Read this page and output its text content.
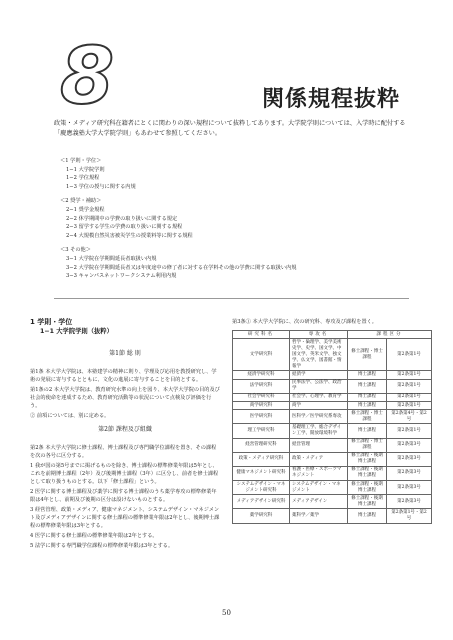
8	関係規程抜粋
政策・メディア研究科在籍者にとくに関わりの深い規程について抜粋してあります。大学院学則については、入学時に配付する「慶應義塾大学大学院学則」もあわせて参照してください。
＜1 学則・学位＞
1−1 大学院学則
1−2 学位規程
1−3 学位の授与に関する内規
＜2 奨学・補助＞
2−1 奨学金規程
2−2 休学期間中の学費の取り扱いに関する規定
2−3 留学する学生の学費の取り扱いに関する規程
2−4 大規模自然災害被災学生の授業料等に関する規程
＜3 その他＞
3−1 大学院在学期間延長者取扱い内規
3−2 大学院在学期間延長者又は年度途中の修了者に対する在学料その他の学費に関する取扱い内規
3−3 キャンパスネットワークシステム利用内規
1 学則・学位
1−1 大学院学則（抜粋）
第1節 総 則
第1条 本大学大学院は、本塾建学の精神に則り、学理及び応用を教授研究し、学術の発展に寄与するとともに、文化の進展に寄与することを目的とする。
第1条の2 本大学大学院は、教育研究水準の向上を図り、本大学大学院の目的及び社会的使命を達成するため、教育研究活動等の状況について点検及び評価を行う。
② 前項については、別に定める。
第2節 課程及び組織
第2条 本大学大学院に修士課程、博士課程及び専門職学位課程を置き、その課程を次の各号に区分する。
1 我が国の第5号までに掲げるものを除き、博士課程の標準修業年限は5年とし、これを前期博士課程（2年）及び後期博士課程（3年）に区分し、前者を修士課程として取り扱うものとする。以下「修士課程」という。
2 医学に関する博士課程及び薬学に関する博士課程のうち薬学専攻の標準修業年限は4年とし、前期及び後期の区分は設けないものとする。
3 経営管理、政策・メディア、健康マネジメント、システムデザイン・マネジメント及びメディアデザインに関する修士課程の標準修業年限は2年とし、後期博士課程の標準修業年限は3年とする。
4 医学に関する修士課程の標準修業年限は2年とする。
5 法学に関する専門職学位課程の標準修業年限は3年とする。
第3条① 本大学大学院に、次の研究科、専攻及び課程を置く。
研究科名	専攻名	課程区分	
文学研究科	哲学・倫理学、美学美術史学、史学、国文学、中国文学、英米文学、独文学、仏文学、図書館・情報学	修士課程・博士課程	第2条第1号
経済学研究科	経済学	博士課程	第2条第1号
法学研究科	民事法学、公法学、政治学	博士課程	第2条第1号
社会学研究科	社会学、心理学、教育学	博士課程	第2条第1号
商学研究科	商学	博士課程	第2条第1号
医学研究科	医科学／医学研究系専攻	修士課程・博士課程	第2条第4号・第2号
理工学研究科	基礎理工学、総合デザイン工学、開放環境科学	博士課程	第2条第1号
経営管理研究科	経営管理	修士課程・博士課程	第2条第3号
政策・メディア研究科	政策・メディア	修士課程・後期博士課程	第2条第3号
健康マネジメント研究科	看護・医療・スポーツマネジメント	修士課程・後期博士課程	第2条第3号
システムデザイン・マネジメント研究科	システムデザイン・マネジメント	修士課程・後期博士課程	第2条第3号
メディアデザイン研究科	メディアデザイン	修士課程・後期博士課程	第2条第3号
薬学研究科	薬科学／薬学	博士課程	第2条第1号・第2号
50
